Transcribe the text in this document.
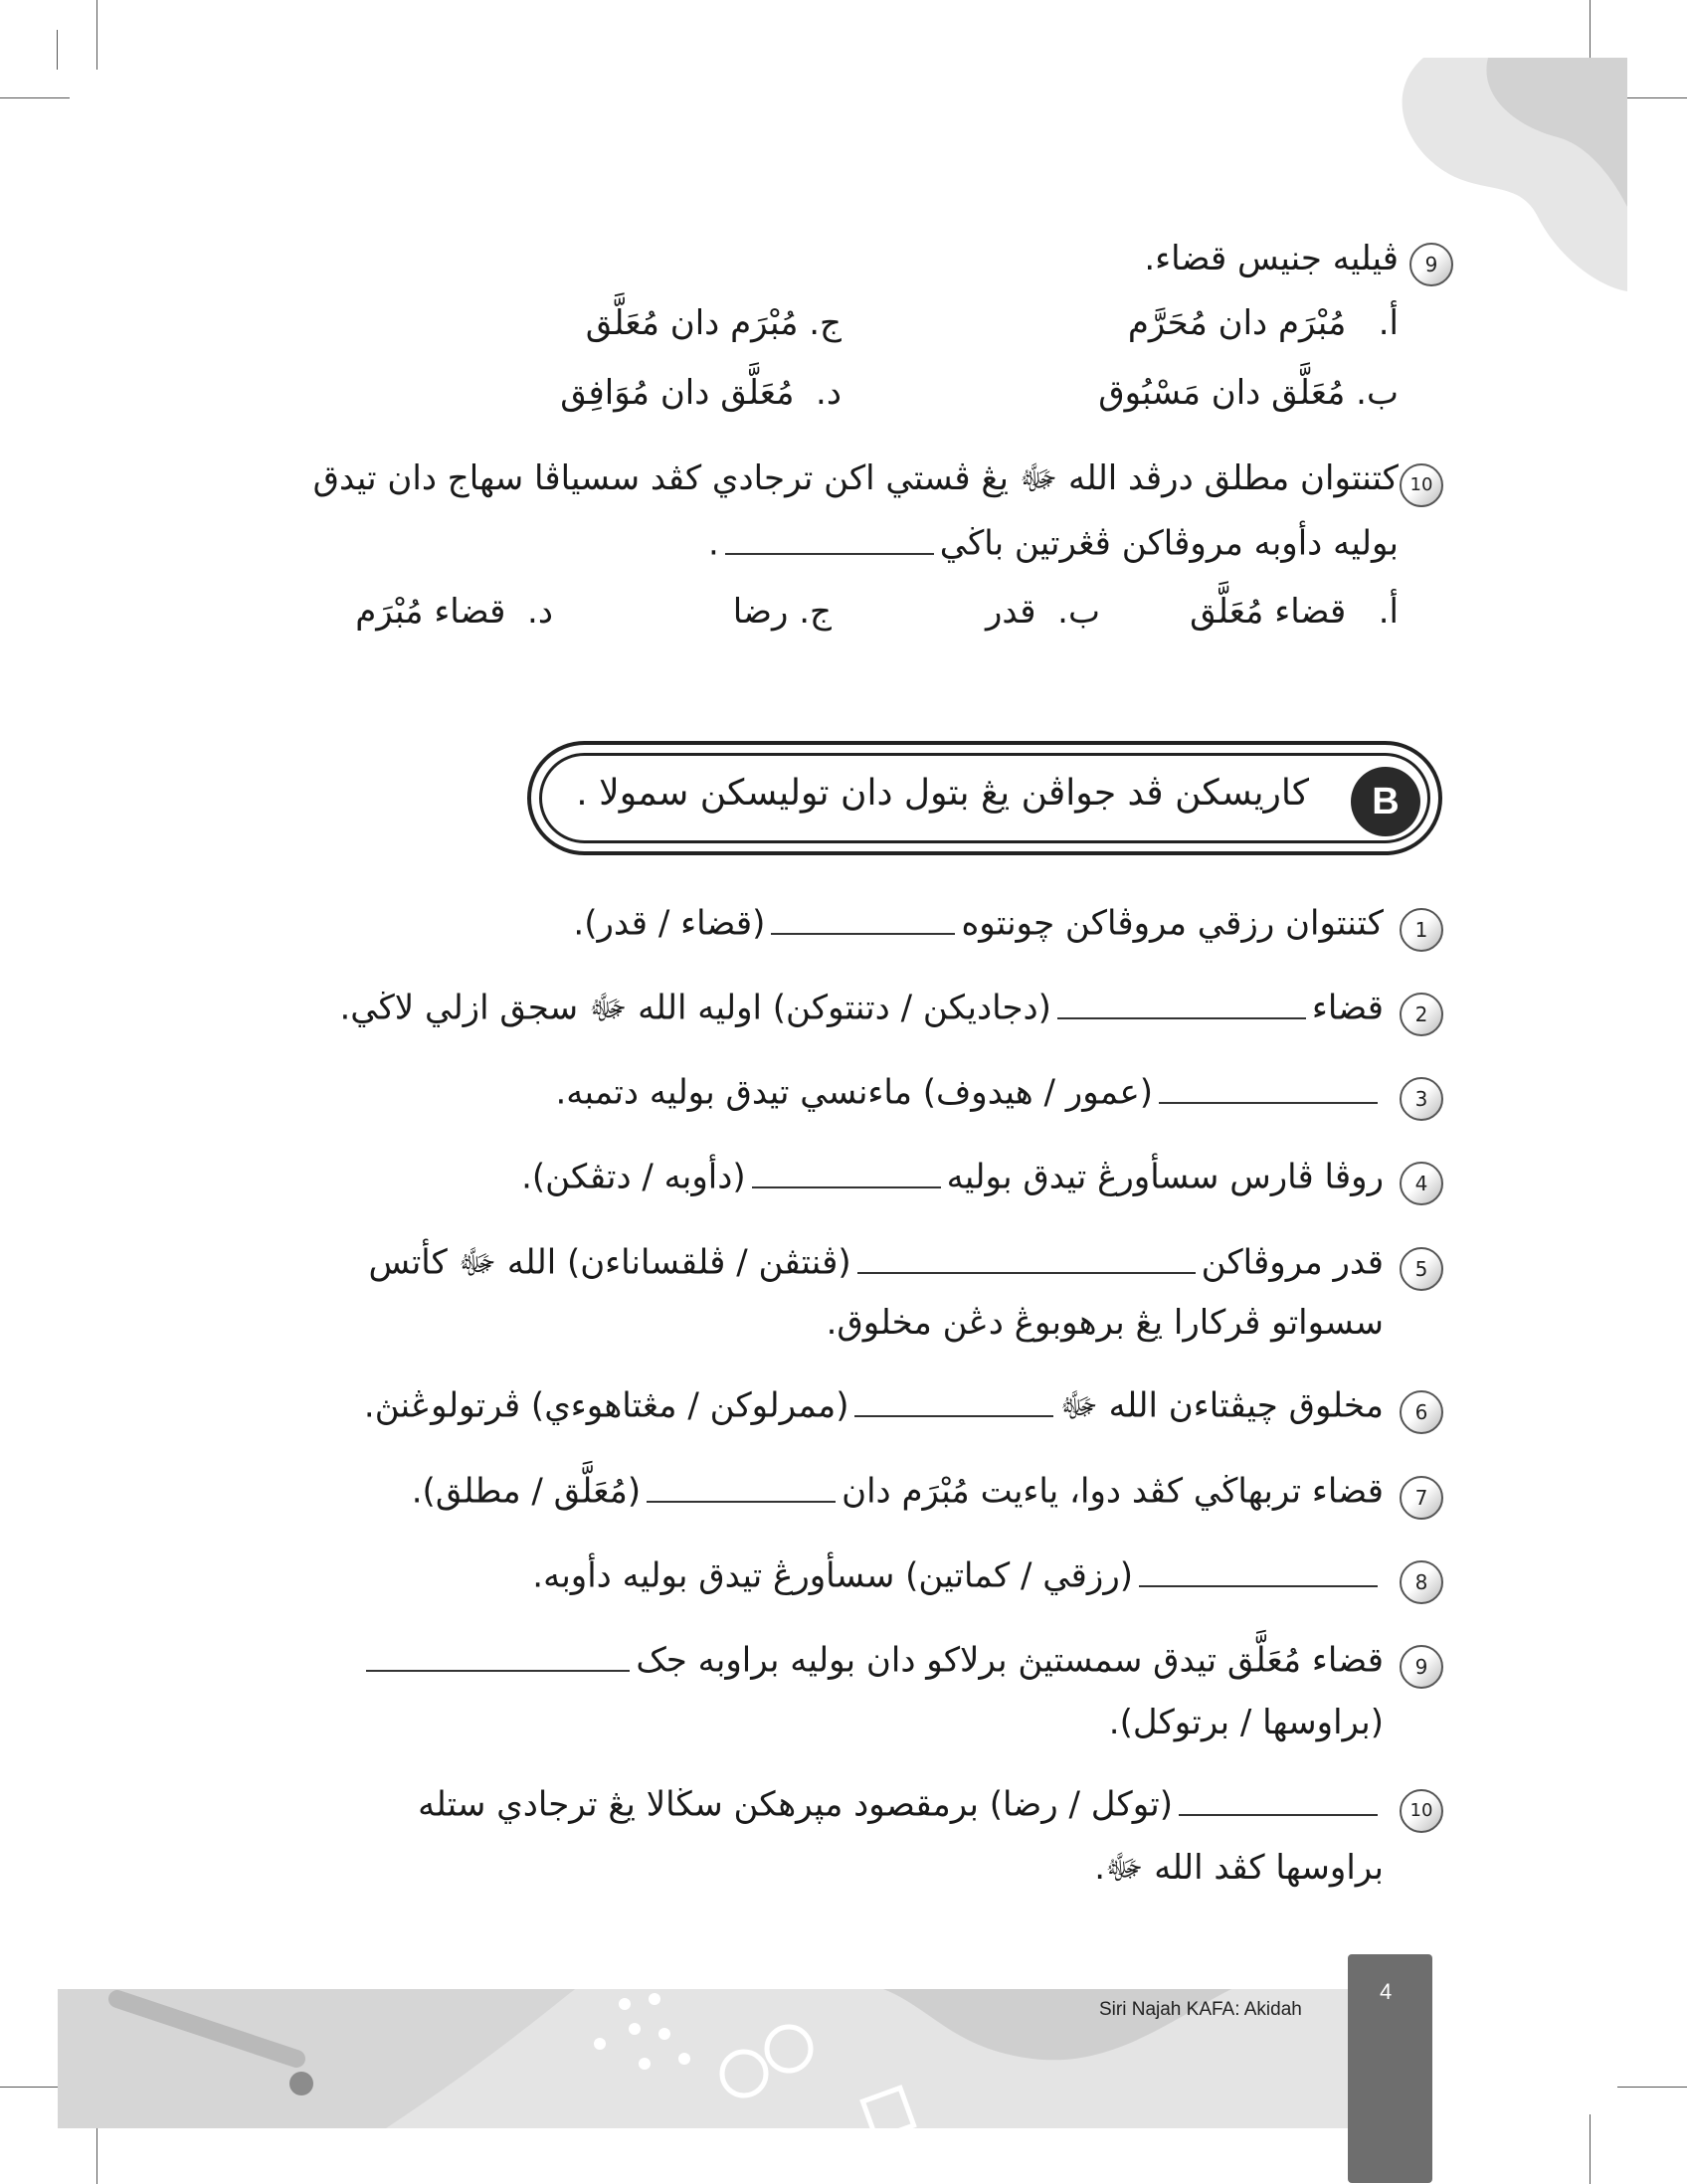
9
ڤيليه جنيس قضاء.
أ.   مُبْرَم دان مُحَرَّم
ج. مُبْرَم دان مُعَلَّق
ب. مُعَلَّق دان مَسْبُوق
د.  مُعَلَّق دان مُوَافِق
10
كتنتوان مطلق درڤد الله ﷻ يڠ ڤستي اكن ترجادي كڤد سسياڤا سهاج دان تيدق
بوليه دأوبه مروڤاكن ڤڠرتين باڬي.
أ.   قضاء مُعَلَّق
ب.  قدر
ج. رضا
د.  قضاء مُبْرَم
B
كاريسكن ڤد جواڤن يڠ بتول دان توليسكن سمولا .
1
كتنتوان رزقي مروڤاكن چونتوه(قضاء / قدر).
2
قضاء(دجاديكن / دتنتوكن) اوليه الله ﷻ سجق ازلي لاڬي.
3
(عمور / هيدوف) ماءنسي تيدق بوليه دتمبه.
4
روڤا ڤارس سسأورڠ تيدق بوليه(دأوبه / دتڤكن).
5
قدر مروڤاكن(ڤنتڤن / ڤلقساناءن) الله ﷻ كأتس
سسواتو ڤركارا يڠ برهوبوڠ دڠن مخلوق.
6
مخلوق چيڤتاءن الله ﷻ(ممرلوكن / مڠتاهوءي) ڤرتولوڠنڽ.
7
قضاء تربهاڬي كڤد دوا، ياءيت مُبْرَم دان(مُعَلَّق / مطلق).
8
(رزقي / كماتين) سسأورڠ تيدق بوليه دأوبه.
9
قضاء مُعَلَّق تيدق سمستيڽ برلاكو دان بوليه براوبه جک
(براوسها / برتوكل).
10
(توكل / رضا) برمقصود مپرهكن سڬالا يڠ ترجادي ستله
براوسها كڤد الله ﷻ.
4
Siri Najah KAFA: Akidah
